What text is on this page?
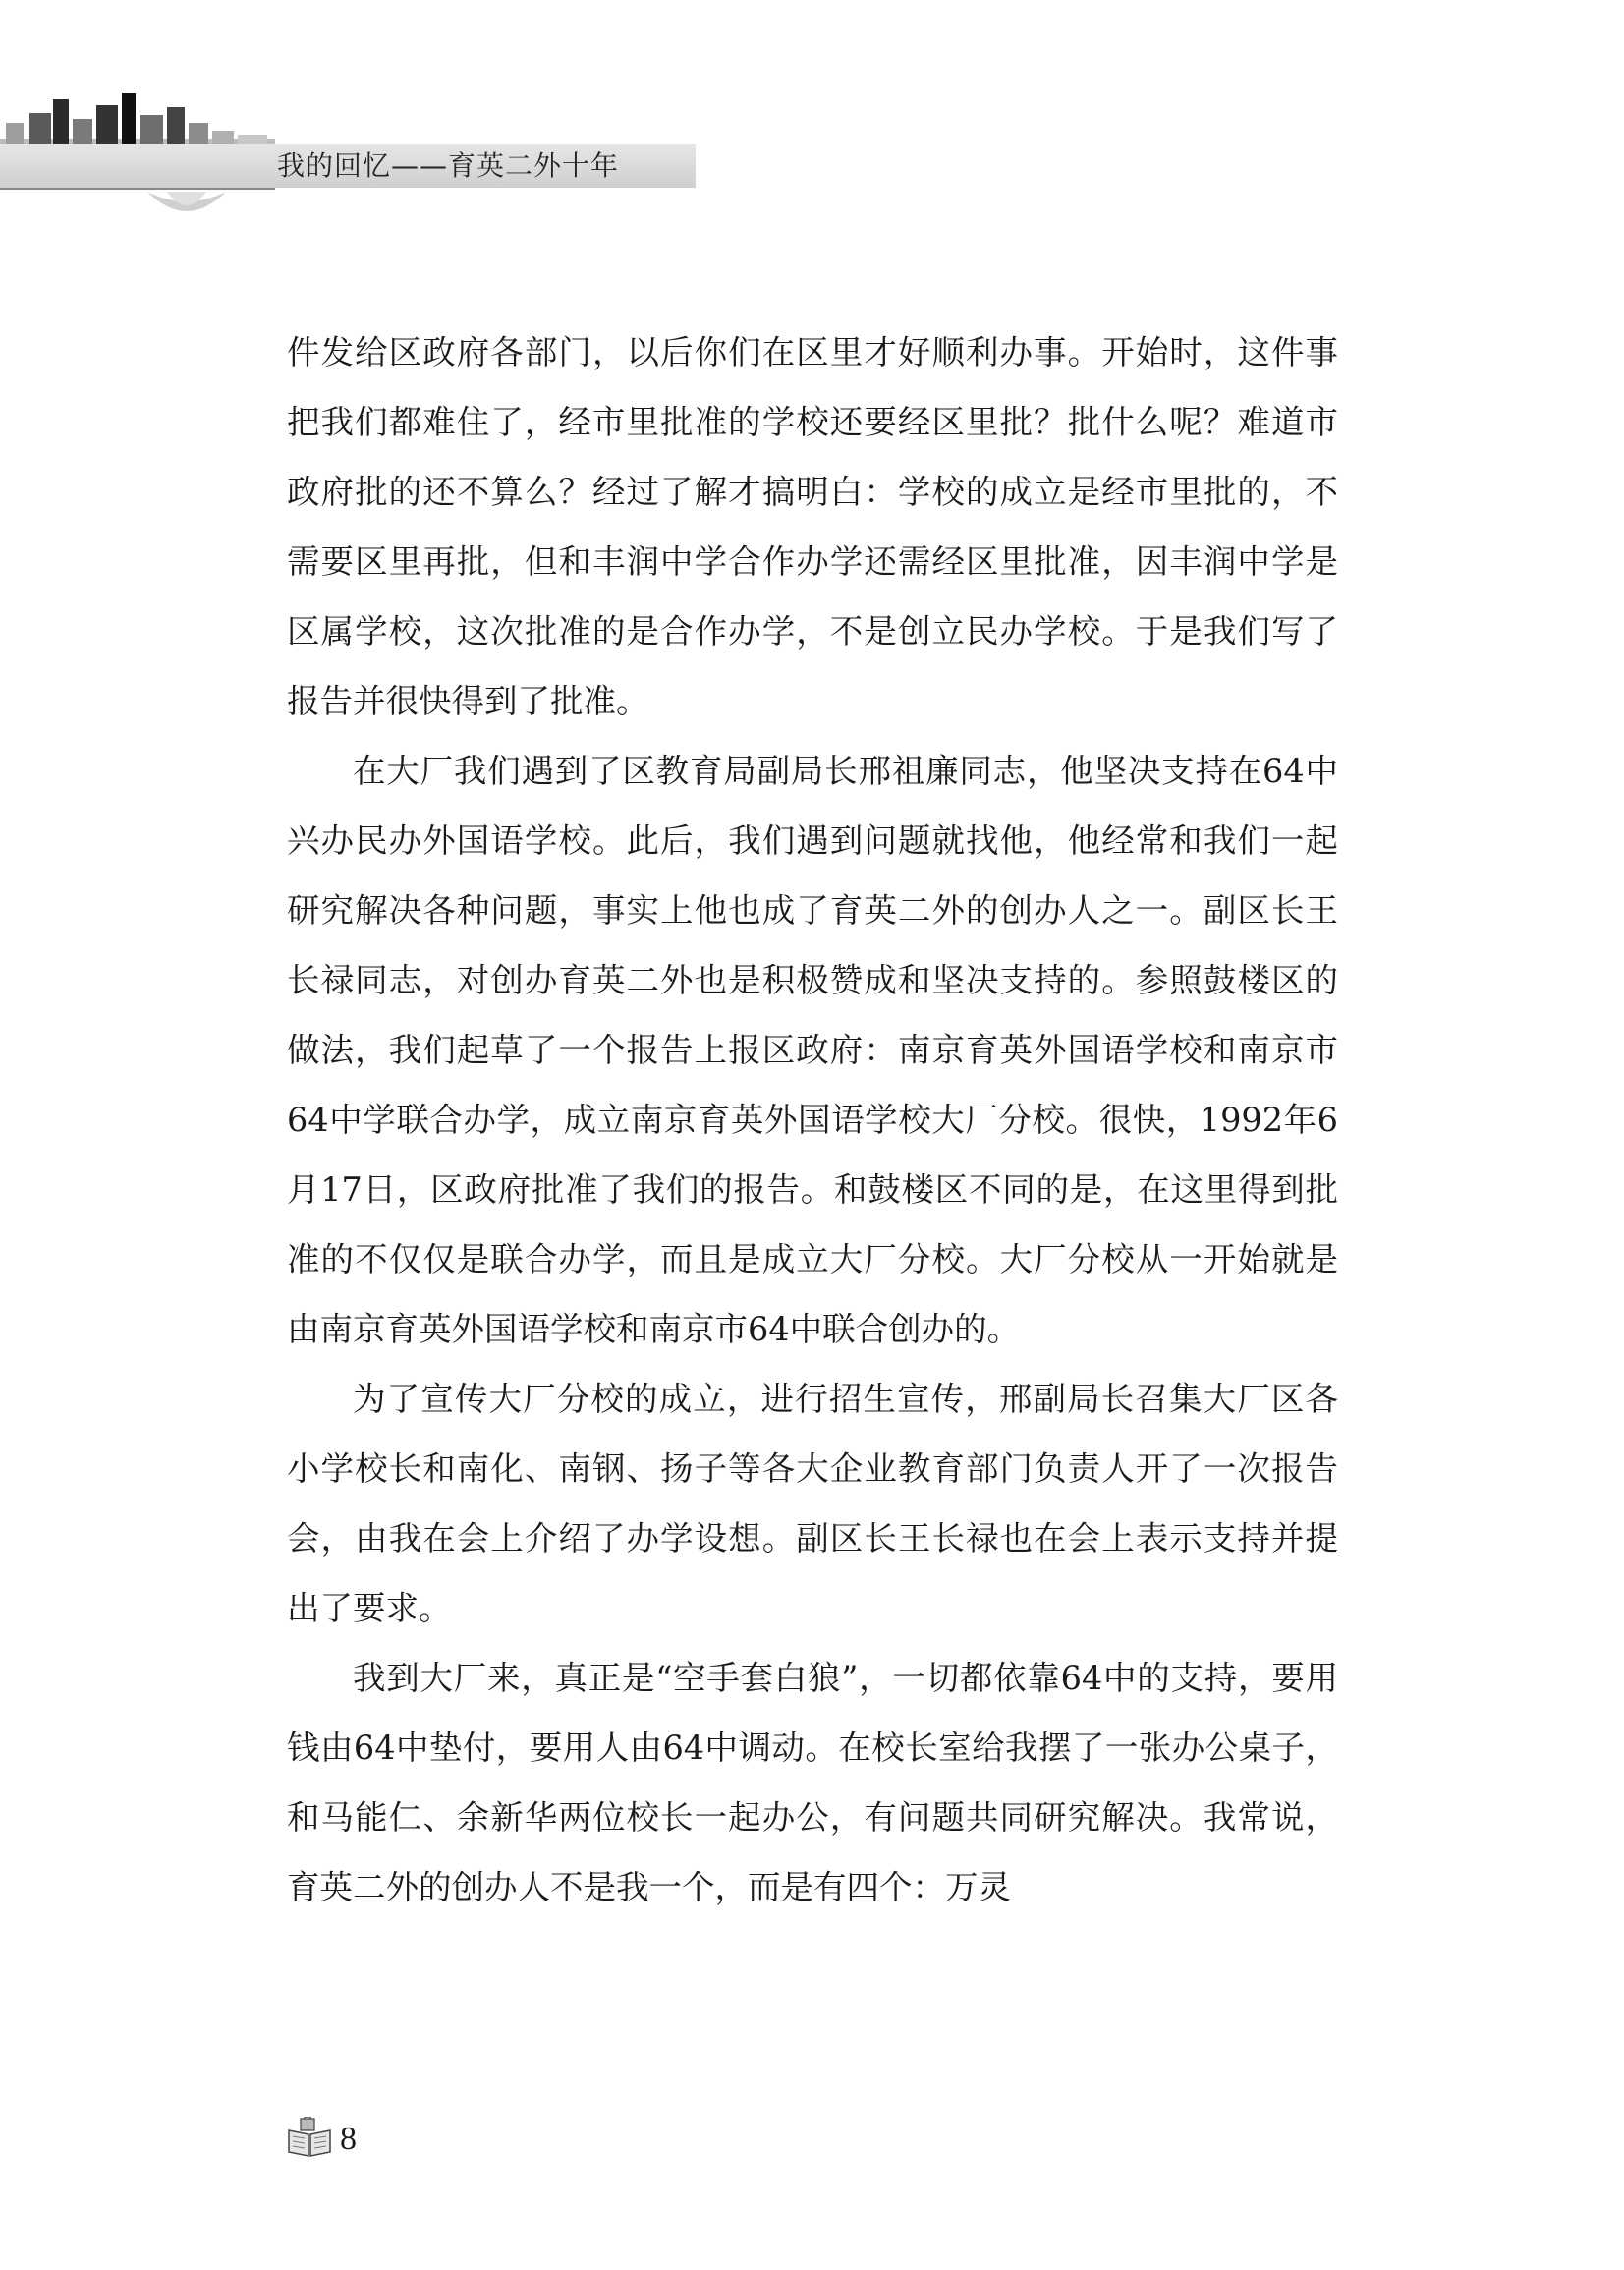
我的回忆——育英二外十年

件发给区政府各部门，以后你们在区里才好顺利办事。开始时，这件事把我们都难住了，经市里批准的学校还要经区里批？批什么呢？难道市政府批的还不算么？经过了解才搞明白：学校的成立是经市里批的，不需要区里再批，但和丰润中学合作办学还需经区里批准，因丰润中学是区属学校，这次批准的是合作办学，不是创立民办学校。于是我们写了报告并很快得到了批准。

在大厂我们遇到了区教育局副局长邢祖廉同志，他坚决支持在64中兴办民办外国语学校。此后，我们遇到问题就找他，他经常和我们一起研究解决各种问题，事实上他也成了育英二外的创办人之一。副区长王长禄同志，对创办育英二外也是积极赞成和坚决支持的。参照鼓楼区的做法，我们起草了一个报告上报区政府：南京育英外国语学校和南京市64中学联合办学，成立南京育英外国语学校大厂分校。很快，1992年6月17日，区政府批准了我们的报告。和鼓楼区不同的是，在这里得到批准的不仅仅是联合办学，而且是成立大厂分校。大厂分校从一开始就是由南京育英外国语学校和南京市64中联合创办的。

为了宣传大厂分校的成立，进行招生宣传，邢副局长召集大厂区各小学校长和南化、南钢、扬子等各大企业教育部门负责人开了一次报告会，由我在会上介绍了办学设想。副区长王长禄也在会上表示支持并提出了要求。

我到大厂来，真正是“空手套白狼”，一切都依靠64中的支持，要用钱由64中垫付，要用人由64中调动。在校长室给我摆了一张办公桌子，和马能仁、余新华两位校长一起办公，有问题共同研究解决。我常说，育英二外的创办人不是我一个，而是有四个：万灵

8
